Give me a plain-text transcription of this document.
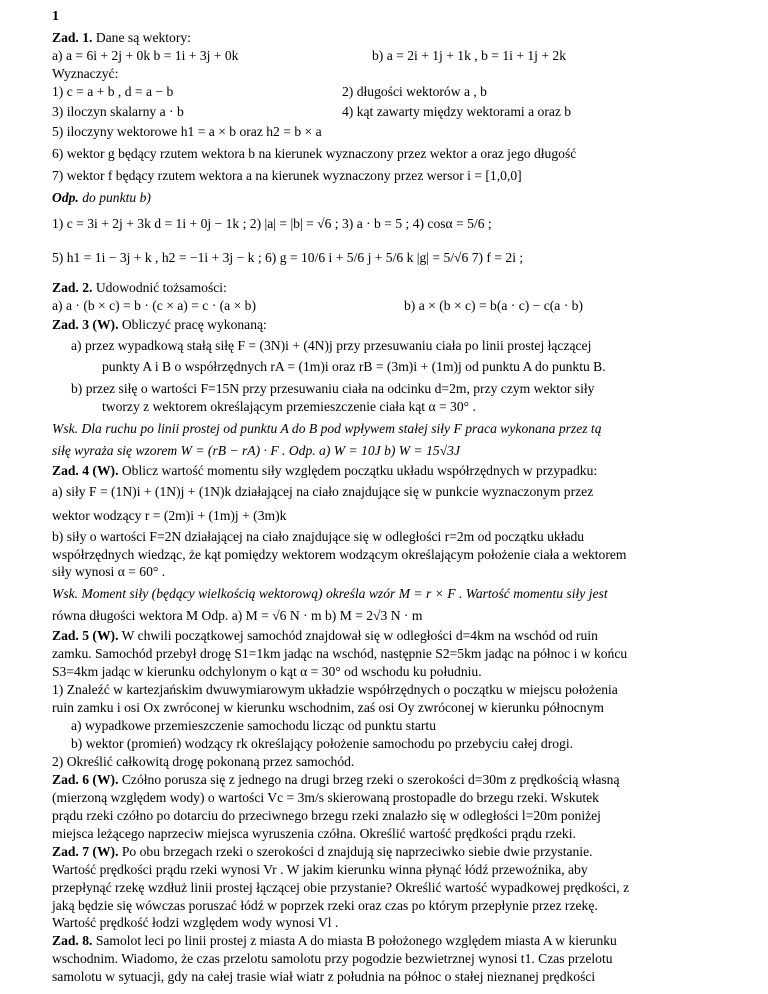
1

Zad. 1. Dane są wektory:

a) a = 6i + 2j + 0k b = 1i + 3j + 0k	b) a = 2i + 1j + 1k , b = 1i + 1j + 2k

Wyznaczyć:

1) c = a + b , d = a − b	2) długości wektorów a , b
3) iloczyn skalarny a · b	4) kąt zawarty między wektorami a oraz b

5) iloczyny wektorowe h1 = a × b oraz h2 = b × a

6) wektor g będący rzutem wektora b na kierunek wyznaczony przez wektor a oraz jego długość

7) wektor f będący rzutem wektora a na kierunek wyznaczony przez wersor i = [1,0,0]

Odp. do punktu b)

1) c = 3i + 2j + 3k d = 1i + 0j − 1k ; 2) |a| = |b| = √6 ; 3) a · b = 5 ; 4) cosα = 5/6 ;

5) h1 = 1i − 3j + k , h2 = −1i + 3j − k ; 6) g = 10/6 i + 5/6 j + 5/6 k |g| = 5/√6 7) f = 2i ;

Zad. 2. Udowodnić tożsamości:

a) a · (b × c) = b · (c × a) = c · (a × b)	b) a × (b × c) = b(a · c) − c(a · b)

Zad. 3 (W). Obliczyć pracę wykonaną:

a) przez wypadkową stałą siłę F = (3N)i + (4N)j przy przesuwaniu ciała po linii prostej łączącej

punkty A i B o współrzędnych rA = (1m)i oraz rB = (3m)i + (1m)j od punktu A do punktu B.

b) przez siłę o wartości F=15N przy przesuwaniu ciała na odcinku d=2m, przy czym wektor siły

tworzy z wektorem określającym przemieszczenie ciała kąt α = 30° .

Wsk. Dla ruchu po linii prostej od punktu A do B pod wpływem stałej siły F praca wykonana przez tą

siłę wyraża się wzorem W = (rB − rA) · F . Odp. a) W = 10J b) W = 15√3J

Zad. 4 (W). Oblicz wartość momentu siły względem początku układu współrzędnych w przypadku:

a) siły F = (1N)i + (1N)j + (1N)k działającej na ciało znajdujące się w punkcie wyznaczonym przez

wektor wodzący r = (2m)i + (1m)j + (3m)k

b) siły o wartości F=2N działającej na ciało znajdujące się w odległości r=2m od początku układu

współrzędnych wiedząc, że kąt pomiędzy wektorem wodzącym określającym położenie ciała a wektorem

siły wynosi α = 60° .

Wsk. Moment siły (będący wielkością wektorową) określa wzór M = r × F . Wartość momentu siły jest

równa długości wektora M Odp. a) M = √6 N · m b) M = 2√3 N · m

Zad. 5 (W). W chwili początkowej samochód znajdował się w odległości d=4km na wschód od ruin

zamku. Samochód przebył drogę S1=1km jadąc na wschód, następnie S2=5km jadąc na północ i w końcu

S3=4km jadąc w kierunku odchylonym o kąt α = 30° od wschodu ku południu.

1) Znaleźć w kartezjańskim dwuwymiarowym układzie współrzędnych o początku w miejscu położenia

ruin zamku i osi Ox zwróconej w kierunku wschodnim, zaś osi Oy zwróconej w kierunku północnym

a) wypadkowe przemieszczenie samochodu licząc od punktu startu

b) wektor (promień) wodzący rk określający położenie samochodu po przebyciu całej drogi.

2) Określić całkowitą drogę pokonaną przez samochód.

Zad. 6 (W). Czółno porusza się z jednego na drugi brzeg rzeki o szerokości d=30m z prędkością własną

(mierzoną względem wody) o wartości Vc = 3m/s skierowaną prostopadle do brzegu rzeki. Wskutek

prądu rzeki czółno po dotarciu do przeciwnego brzegu rzeki znalazło się w odległości l=20m poniżej

miejsca leżącego naprzeciw miejsca wyruszenia czółna. Określić wartość prędkości prądu rzeki.

Zad. 7 (W). Po obu brzegach rzeki o szerokości d znajdują się naprzeciwko siebie dwie przystanie.

Wartość prędkości prądu rzeki wynosi Vr . W jakim kierunku winna płynąć łódź przewoźnika, aby

przepłynąć rzekę wzdłuż linii prostej łączącej obie przystanie? Określić wartość wypadkowej prędkości, z

jaką będzie się wówczas poruszać łódź w poprzek rzeki oraz czas po którym przepłynie przez rzekę.

Wartość prędkość łodzi względem wody wynosi Vl .

Zad. 8. Samolot leci po linii prostej z miasta A do miasta B położonego względem miasta A w kierunku

wschodnim. Wiadomo, że czas przelotu samolotu przy pogodzie bezwietrznej wynosi t1. Czas przelotu

samolotu w sytuacji, gdy na całej trasie wiał wiatr z południa na północ o stałej nieznanej prędkości
